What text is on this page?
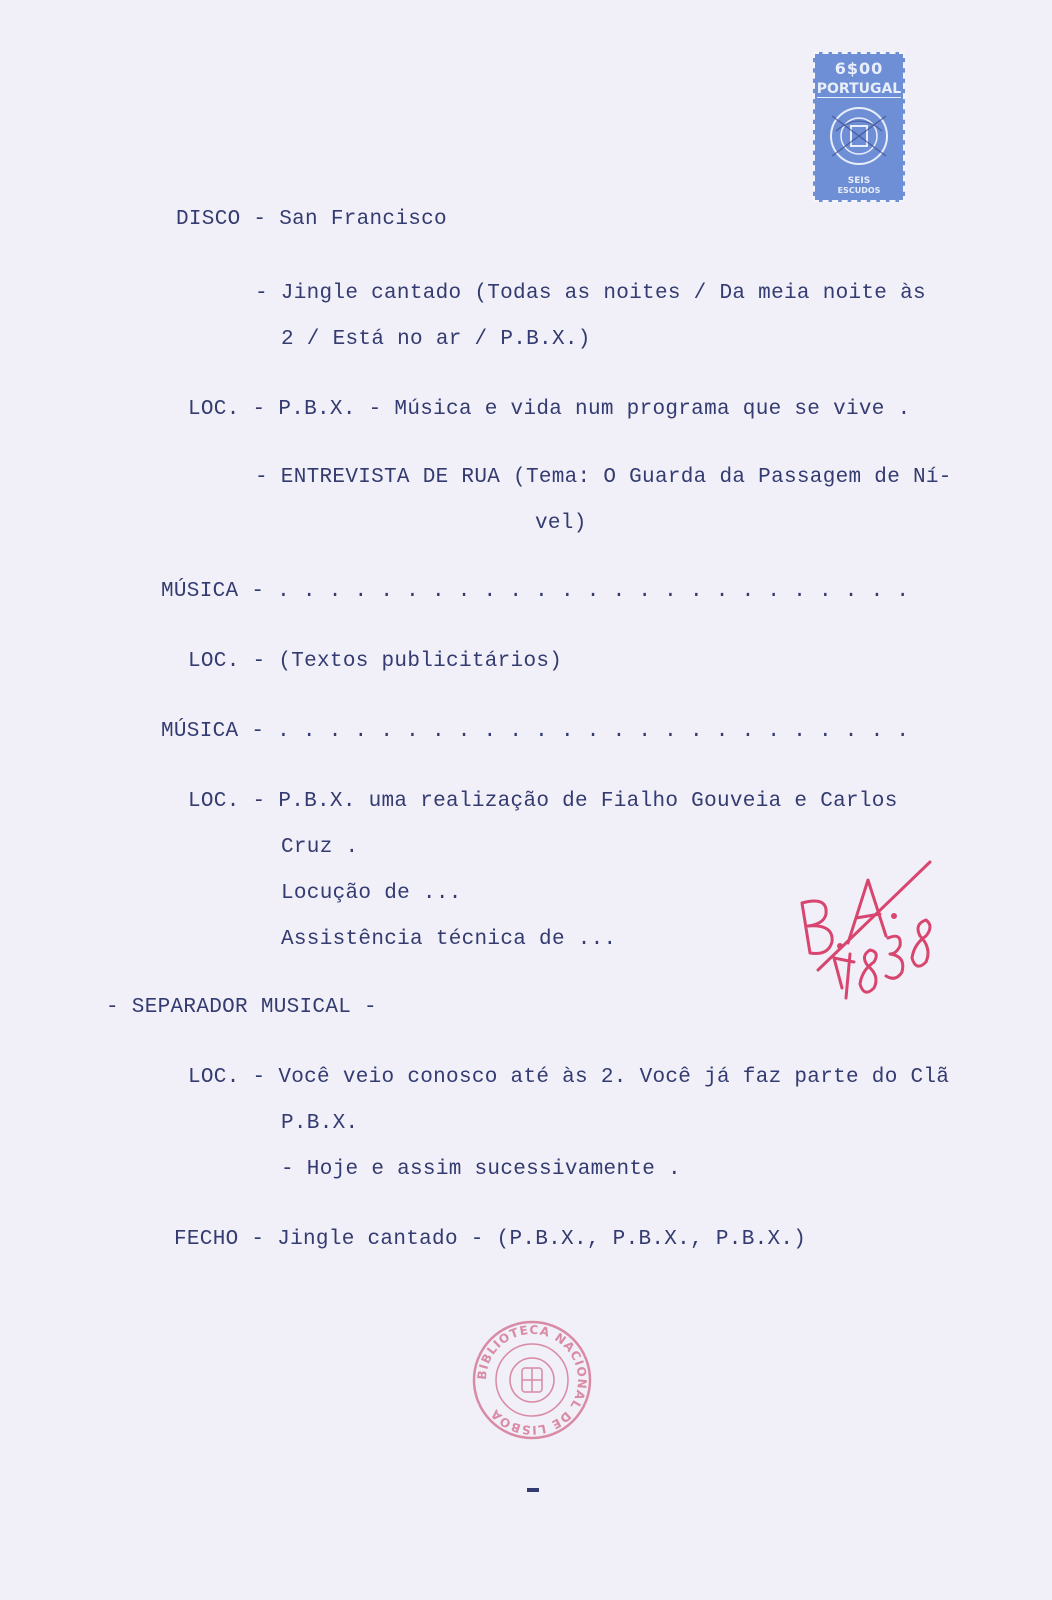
6$00
PORTUGAL
SEIS
ESCUDOS
DISCO - San Francisco
- Jingle cantado (Todas as noites / Da meia noite às
2 / Está no ar / P.B.X.)
LOC. - P.B.X. - Música e vida num programa que se vive .
- ENTREVISTA DE RUA (Tema: O Guarda da Passagem de Ní-
vel)
MÚSICA - . . . . . . . . . . . . . . . . . . . . . . . . .
LOC. - (Textos publicitários)
MÚSICA - . . . . . . . . . . . . . . . . . . . . . . . . .
LOC. - P.B.X. uma realização de Fialho Gouveia e Carlos
Cruz .
Locução de ...
Assistência técnica de ...
- SEPARADOR MUSICAL -
LOC. - Você veio conosco até às 2. Você já faz parte do Clã
P.B.X.
- Hoje e assim sucessivamente .
FECHO - Jingle cantado - (P.B.X., P.B.X., P.B.X.)
BIBLIOTECA NACIONAL DE LISBOA
